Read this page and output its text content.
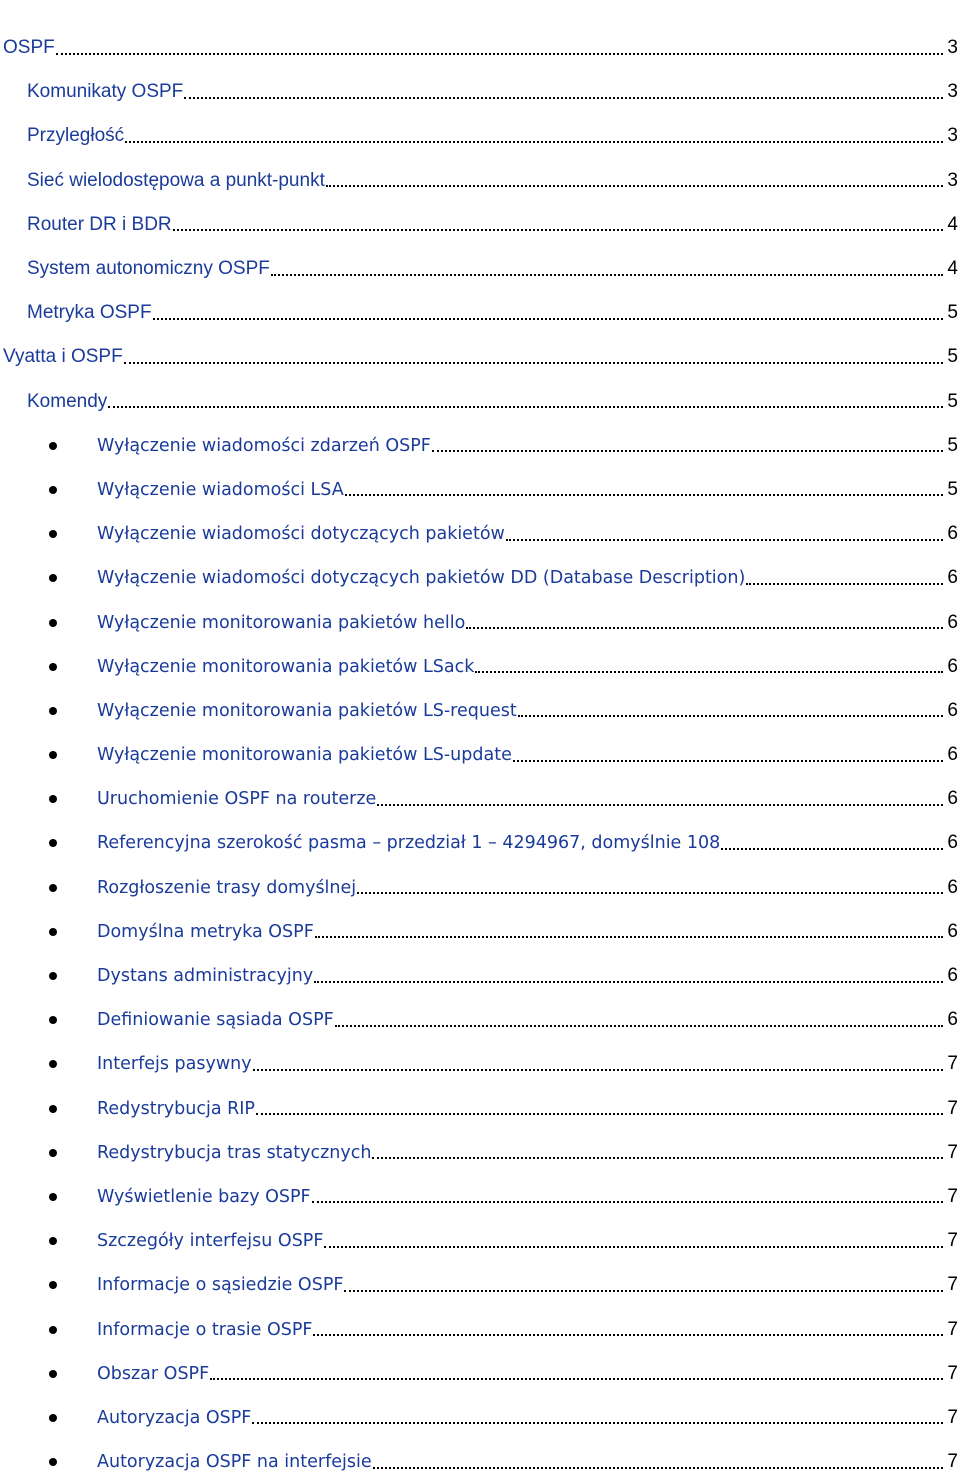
OSPF	3
Komunikaty OSPF	3
Przyległość	3
Sieć wielodostępowa a punkt-punkt	3
Router DR i BDR	4
System autonomiczny OSPF	4
Metryka OSPF	5
Vyatta i OSPF	5
Komendy	5
Wyłączenie wiadomości zdarzeń OSPF	5
Wyłączenie wiadomości LSA	5
Wyłączenie wiadomości dotyczących pakietów	6
Wyłączenie wiadomości dotyczących pakietów DD (Database Description)	6
Wyłączenie monitorowania pakietów hello	6
Wyłączenie monitorowania pakietów LSack	6
Wyłączenie monitorowania pakietów LS-request	6
Wyłączenie monitorowania pakietów LS-update	6
Uruchomienie OSPF na routerze	6
Referencyjna szerokość pasma – przedział 1 – 4294967, domyślnie 108	6
Rozgłoszenie trasy domyślnej	6
Domyślna metryka OSPF	6
Dystans administracyjny	6
Definiowanie sąsiada OSPF	6
Interfejs pasywny	7
Redystrybucja RIP	7
Redystrybucja tras statycznych	7
Wyświetlenie bazy OSPF	7
Szczegóły interfejsu OSPF	7
Informacje o sąsiedzie OSPF	7
Informacje o trasie OSPF	7
Obszar OSPF	7
Autoryzacja OSPF	7
Autoryzacja OSPF na interfejsie	7
